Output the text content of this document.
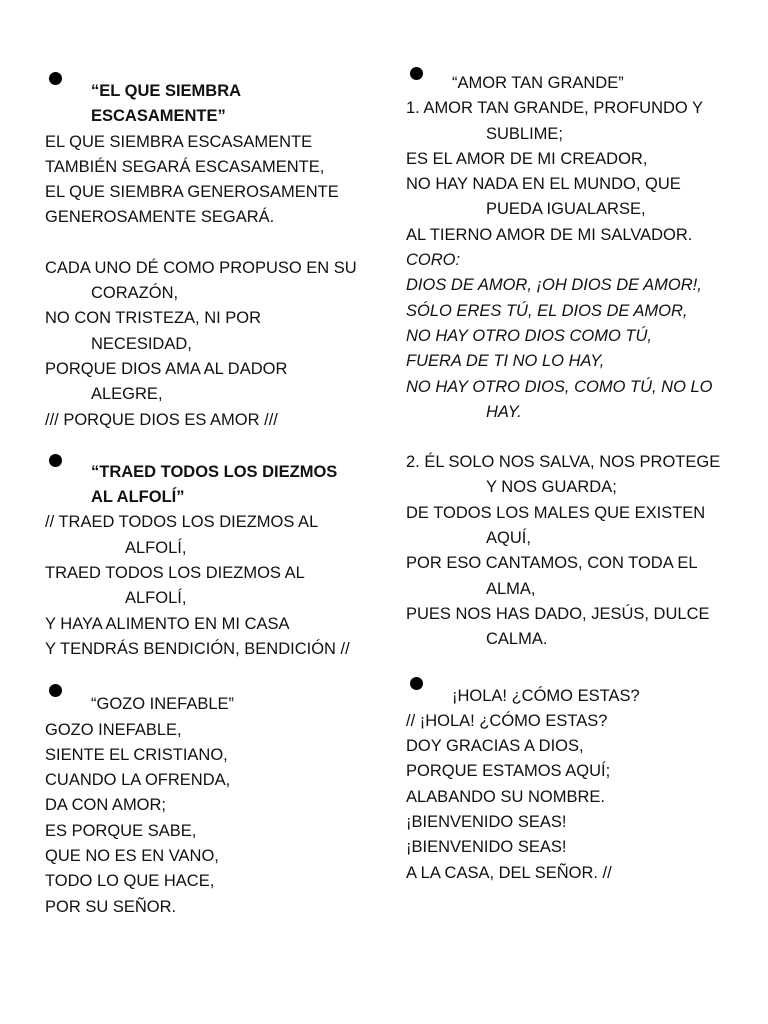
“EL QUE SIEMBRA
ESCASAMENTE”
EL QUE SIEMBRA ESCASAMENTE
TAMBIÉN SEGARÁ ESCASAMENTE,
EL QUE SIEMBRA GENEROSAMENTE
GENEROSAMENTE SEGARÁ.
CADA UNO DÉ COMO PROPUSO EN SU
CORAZÓN,
NO CON TRISTEZA, NI POR
NECESIDAD,
PORQUE DIOS AMA AL DADOR
ALEGRE,
/// PORQUE DIOS ES AMOR ///
“TRAED TODOS LOS DIEZMOS
AL ALFOLÍ”
// TRAED TODOS LOS DIEZMOS AL
ALFOLÍ,
TRAED TODOS LOS DIEZMOS AL
ALFOLÍ,
Y HAYA ALIMENTO EN MI CASA
Y TENDRÁS BENDICIÓN, BENDICIÓN //
“GOZO INEFABLE”
GOZO INEFABLE,
SIENTE EL CRISTIANO,
CUANDO LA OFRENDA,
DA CON AMOR;
ES PORQUE SABE,
QUE NO ES EN VANO,
TODO LO QUE HACE,
POR SU SEÑOR.
“AMOR TAN GRANDE”
1. AMOR TAN GRANDE, PROFUNDO Y
SUBLIME;
ES EL AMOR DE MI CREADOR,
NO HAY NADA EN EL MUNDO, QUE
PUEDA IGUALARSE,
AL TIERNO AMOR DE MI SALVADOR.
CORO:
DIOS DE AMOR, ¡OH DIOS DE AMOR!,
SÓLO ERES TÚ, EL DIOS DE AMOR,
NO HAY OTRO DIOS COMO TÚ,
FUERA DE TI NO LO HAY,
NO HAY OTRO DIOS, COMO TÚ, NO LO
HAY.
2. ÉL SOLO NOS SALVA, NOS PROTEGE
Y NOS GUARDA;
DE TODOS LOS MALES QUE EXISTEN
AQUÍ,
POR ESO CANTAMOS, CON TODA EL
ALMA,
PUES NOS HAS DADO, JESÚS, DULCE
CALMA.
¡HOLA! ¿CÓMO ESTAS?
// ¡HOLA! ¿CÓMO ESTAS?
DOY GRACIAS A DIOS,
PORQUE ESTAMOS AQUÍ;
ALABANDO SU NOMBRE.
¡BIENVENIDO SEAS!
¡BIENVENIDO SEAS!
A LA CASA, DEL SEÑOR. //
